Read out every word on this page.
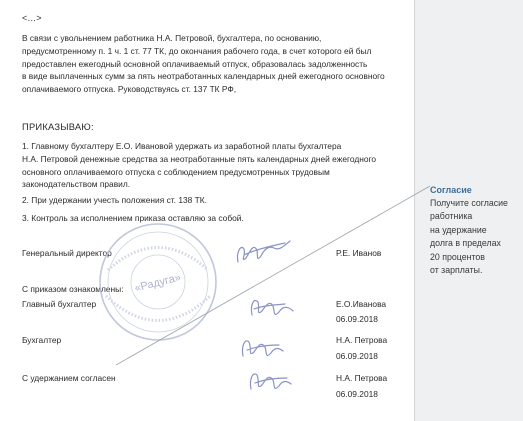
<…>
В связи с увольнением работника Н.А. Петровой, бухгалтера, по основанию,
предусмотренному п. 1 ч. 1 ст. 77 ТК, до окончания рабочего года, в счет которого ей был
предоставлен ежегодный основной оплачиваемый отпуск, образовалась задолженность
в виде выплаченных сумм за пять неотработанных календарных дней ежегодного основного
оплачиваемого отпуска. Руководствуясь ст. 137 ТК РФ,
ПРИКАЗЫВАЮ:
1. Главному бухгалтеру Е.О. Ивановой удержать из заработной платы бухгалтера
Н.А. Петровой денежные средства за неотработанные пять календарных дней ежегодного
основного оплачиваемого отпуска с соблюдением предусмотренных трудовым
законодательством правил.
2. При удержании учесть положения ст. 138 ТК.
3. Контроль за исполнением приказа оставляю за собой.
Генеральный директор	Р.Е. Иванов
С приказом ознакомлены:
Главный бухгалтер	Е.О.Иванова
06.09.2018
Бухгалтер	Н.А. Петрова
06.09.2018
С удержанием согласен	Н.А. Петрова
06.09.2018
«Радуга»
Согласие
Получите согласие
работника
на удержание
долга в пределах
20 процентов
от зарплаты.
